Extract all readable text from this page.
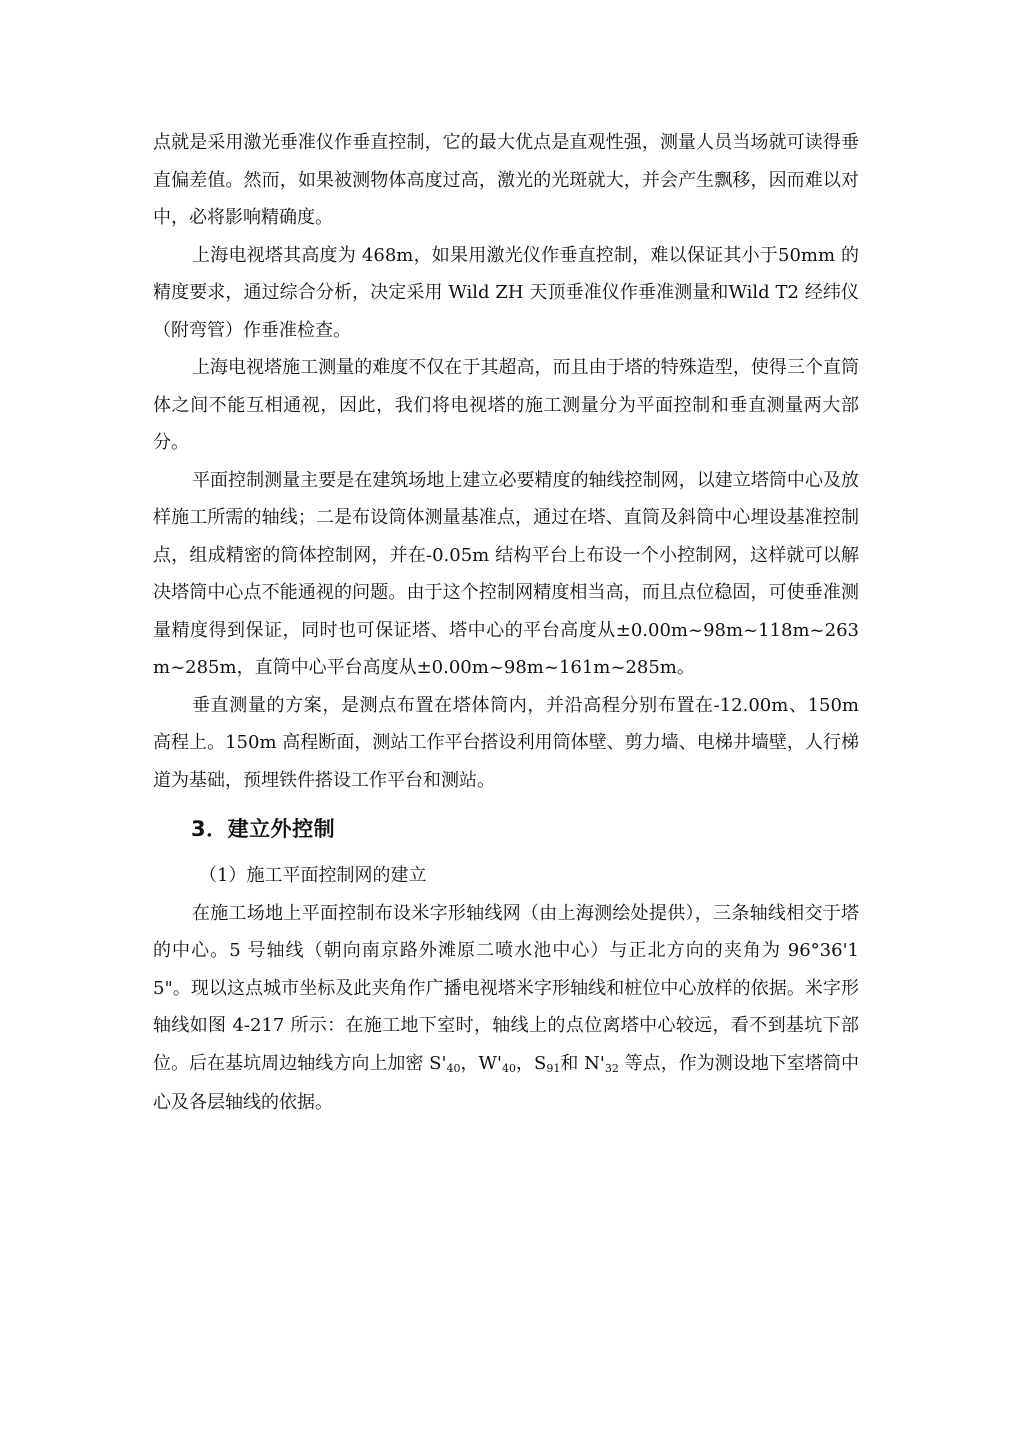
点就是采用激光垂准仪作垂直控制，它的最大优点是直观性强，测量人员当场就可读得垂直偏差值。然而，如果被测物体高度过高，激光的光斑就大，并会产生飘移，因而难以对中，必将影响精确度。

上海电视塔其高度为 468m，如果用激光仪作垂直控制，难以保证其小于50mm 的精度要求，通过综合分析，决定采用 Wild ZH 天顶垂准仪作垂准测量和Wild T2 经纬仪（附弯管）作垂准检查。

上海电视塔施工测量的难度不仅在于其超高，而且由于塔的特殊造型，使得三个直筒体之间不能互相通视，因此，我们将电视塔的施工测量分为平面控制和垂直测量两大部分。

平面控制测量主要是在建筑场地上建立必要精度的轴线控制网，以建立塔筒中心及放样施工所需的轴线；二是布设筒体测量基准点，通过在塔、直筒及斜筒中心埋设基准控制点，组成精密的筒体控制网，并在-0.05m 结构平台上布设一个小控制网，这样就可以解决塔筒中心点不能通视的问题。由于这个控制网精度相当高，而且点位稳固，可使垂准测量精度得到保证，同时也可保证塔、塔中心的平台高度从±0.00m~98m~118m~263m~285m，直筒中心平台高度从±0.00m~98m~161m~285m。

垂直测量的方案，是测点布置在塔体筒内，并沿高程分别布置在-12.00m、150m 高程上。150m 高程断面，测站工作平台搭设利用筒体壁、剪力墙、电梯井墙壁，人行梯道为基础，预埋铁件搭设工作平台和测站。

3．建立外控制

（1）施工平面控制网的建立

在施工场地上平面控制布设米字形轴线网（由上海测绘处提供），三条轴线相交于塔的中心。5 号轴线（朝向南京路外滩原二喷水池中心）与正北方向的夹角为 96°36'15"。现以这点城市坐标及此夹角作广播电视塔米字形轴线和桩位中心放样的依据。米字形轴线如图 4-217 所示：在施工地下室时，轴线上的点位离塔中心较远，看不到基坑下部位。后在基坑周边轴线方向上加密 S'40，W'40，S91和 N'32 等点，作为测设地下室塔筒中心及各层轴线的依据。
